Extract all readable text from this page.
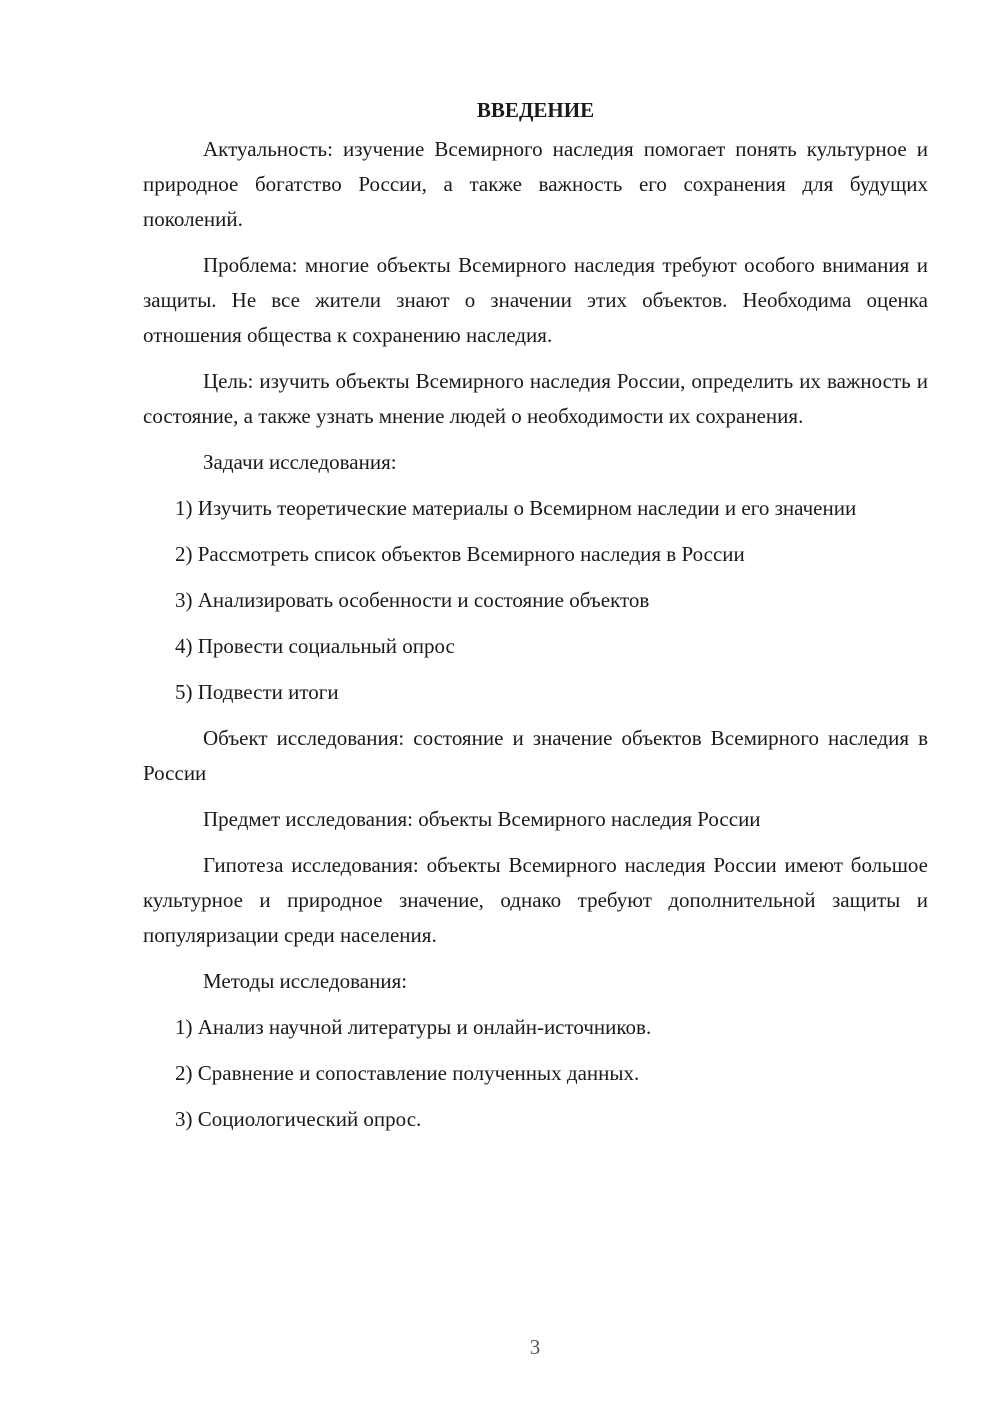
ВВЕДЕНИЕ

Актуальность: изучение Всемирного наследия помогает понять культурное и природное богатство России, а также важность его сохранения для будущих поколений.

Проблема: многие объекты Всемирного наследия требуют особого внимания и защиты. Не все жители знают о значении этих объектов. Необходима оценка отношения общества к сохранению наследия.

Цель: изучить объекты Всемирного наследия России, определить их важность и состояние, а также узнать мнение людей о необходимости их сохранения.

Задачи исследования:

1) Изучить теоретические материалы о Всемирном наследии и его значении

2) Рассмотреть список объектов Всемирного наследия в России

3) Анализировать особенности и состояние объектов

4) Провести социальный опрос

5) Подвести итоги

Объект исследования: состояние и значение объектов Всемирного наследия в России

Предмет исследования: объекты Всемирного наследия России

Гипотеза исследования: объекты Всемирного наследия России имеют большое культурное и природное значение, однако требуют дополнительной защиты и популяризации среди населения.

Методы исследования:

1) Анализ научной литературы и онлайн-источников.

2) Сравнение и сопоставление полученных данных.

3) Социологический опрос.

3
